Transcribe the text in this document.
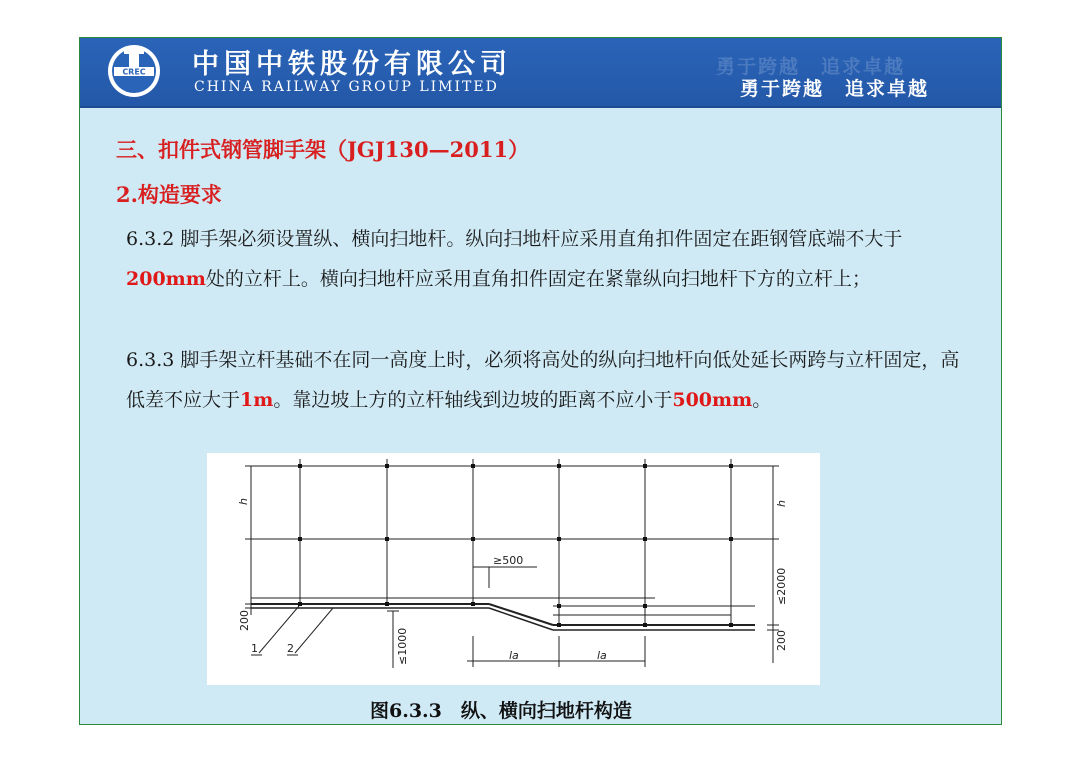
CREC 中国中铁股份有限公司
CHINA RAILWAY GROUP LIMITED
勇于跨越　追求卓越
勇于跨越　追求卓越
三、扣件式钢管脚手架（JGJ130—2011）
2.构造要求
6.3.2 脚手架必须设置纵、横向扫地杆。纵向扫地杆应采用直角扣件固定在距钢管底端不大于200mm处的立杆上。横向扫地杆应采用直角扣件固定在紧靠纵向扫地杆下方的立杆上；
6.3.3 脚手架立杆基础不在同一高度上时，必须将高处的纵向扫地杆向低处延长两跨与立杆固定，高低差不应大于1m。靠边坡上方的立杆轴线到边坡的距离不应小于500mm。
h	h
≥500
≤2000
≤1000
200
200
la	la
1	2
图6.3.3　纵、横向扫地杆构造
